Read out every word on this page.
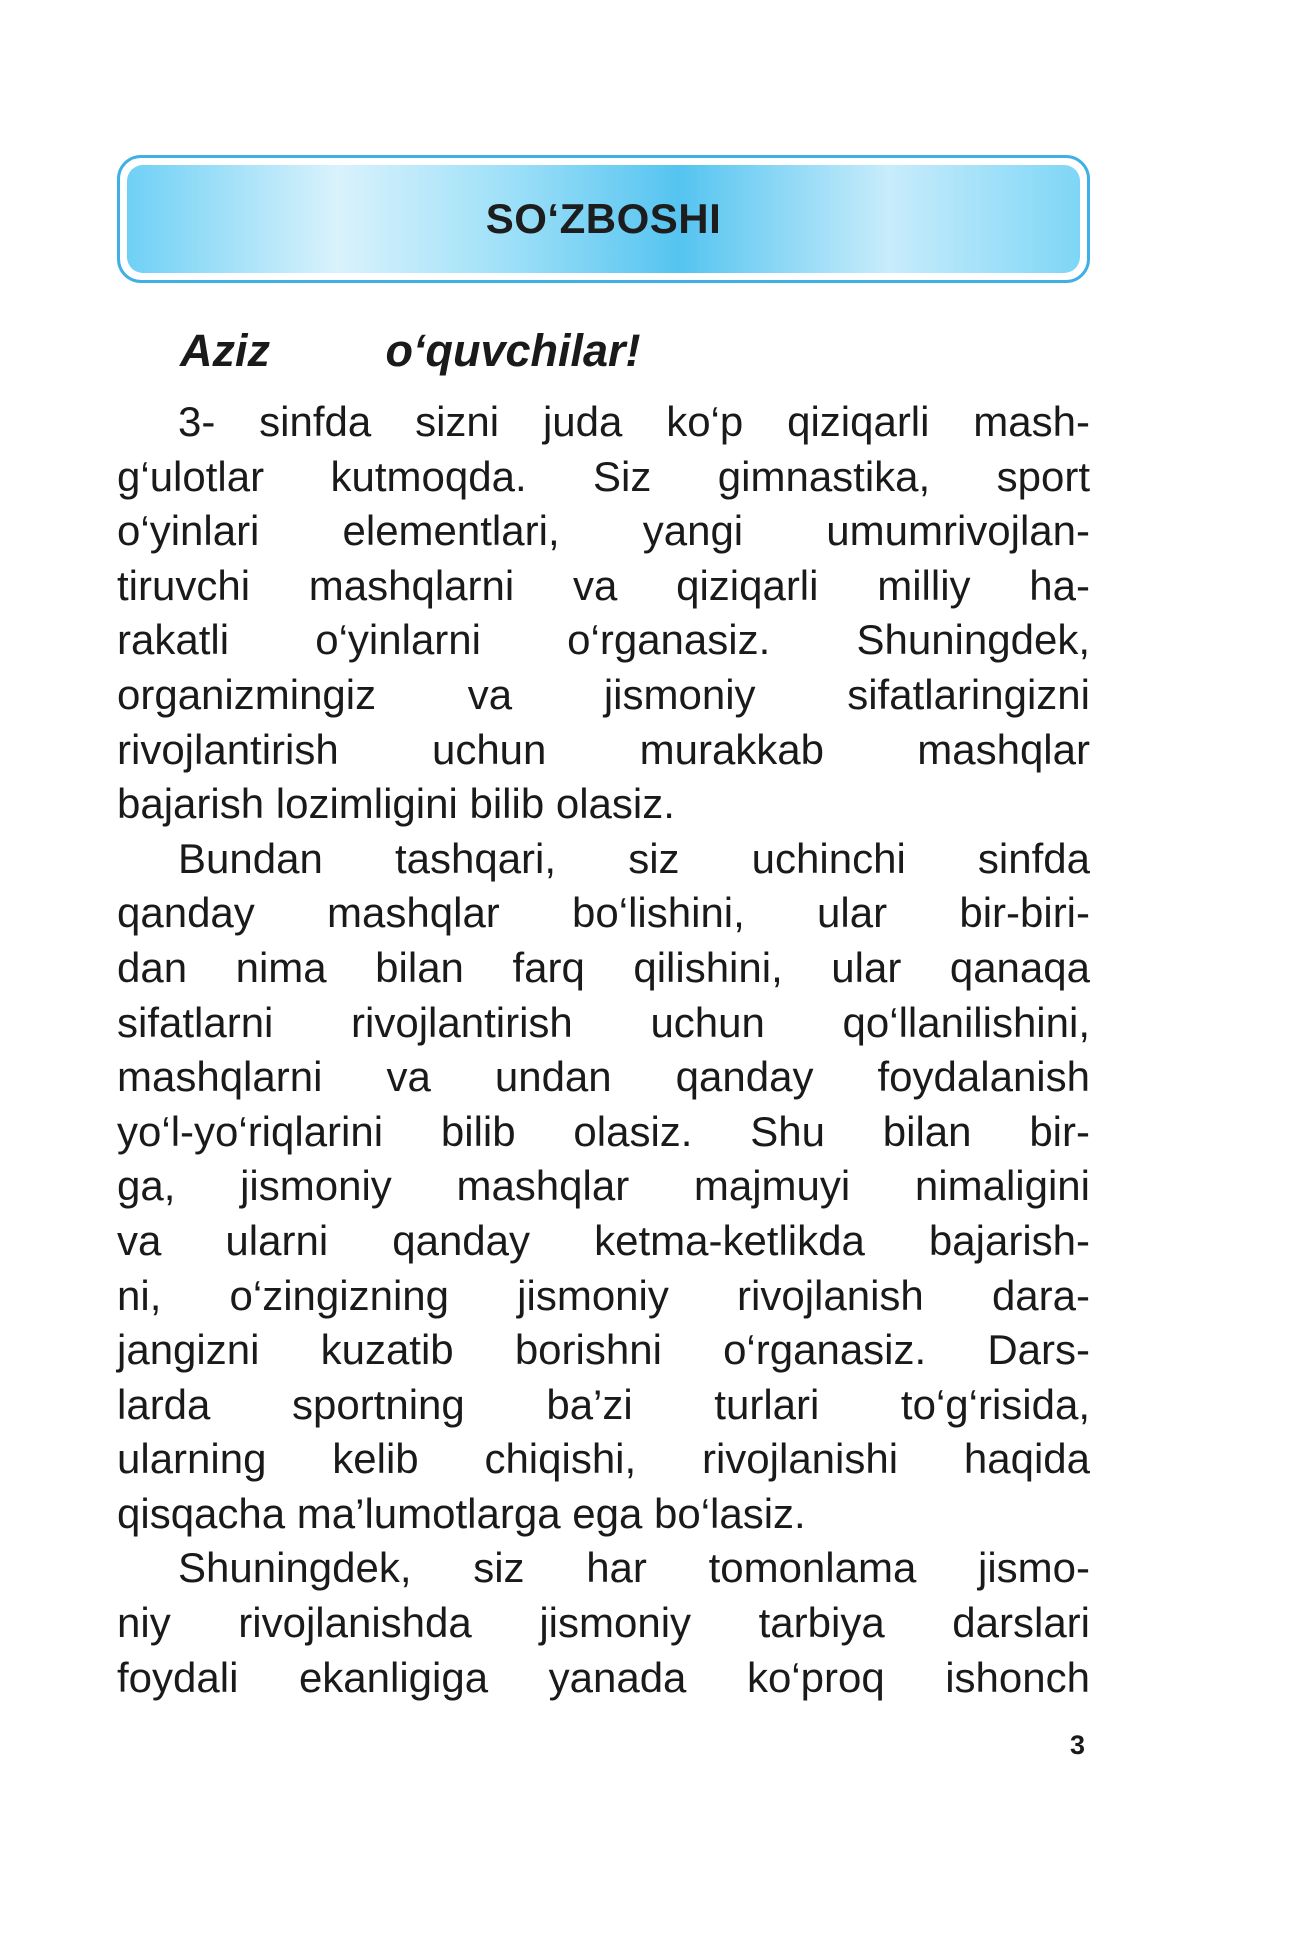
SO‘ZBOSHI
Aziz   o‘quvchilar!
3- sinfda sizni juda ko‘p qiziqarli mash-
g‘ulotlar kutmoqda. Siz gimnastika, sport
o‘yinlari elementlari, yangi umumrivojlan-
tiruvchi mashqlarni va qiziqarli milliy ha-
rakatli o‘yinlarni o‘rganasiz. Shuningdek,
organizmingiz va jismoniy sifatlaringizni
rivojlantirish uchun murakkab mashqlar
bajarish lozimligini bilib olasiz.
Bundan tashqari, siz uchinchi sinfda
qanday mashqlar bo‘lishini, ular bir-biri-
dan nima bilan farq qilishini, ular qanaqa
sifatlarni rivojlantirish uchun qo‘llanilishini,
mashqlarni va undan qanday foydalanish
yo‘l-yo‘riqlarini bilib olasiz. Shu bilan bir-
ga, jismoniy mashqlar majmuyi nimaligini
va ularni qanday ketma-ketlikda bajarish-
ni, o‘zingizning jismoniy rivojlanish dara-
jangizni kuzatib borishni o‘rganasiz. Dars-
larda sportning ba’zi turlari to‘g‘risida,
ularning kelib chiqishi, rivojlanishi haqida
qisqacha ma’lumotlarga ega bo‘lasiz.
Shuningdek, siz har tomonlama jismo-
niy rivojlanishda jismoniy tarbiya darslari
foydali ekanligiga yanada ko‘proq ishonch
3
